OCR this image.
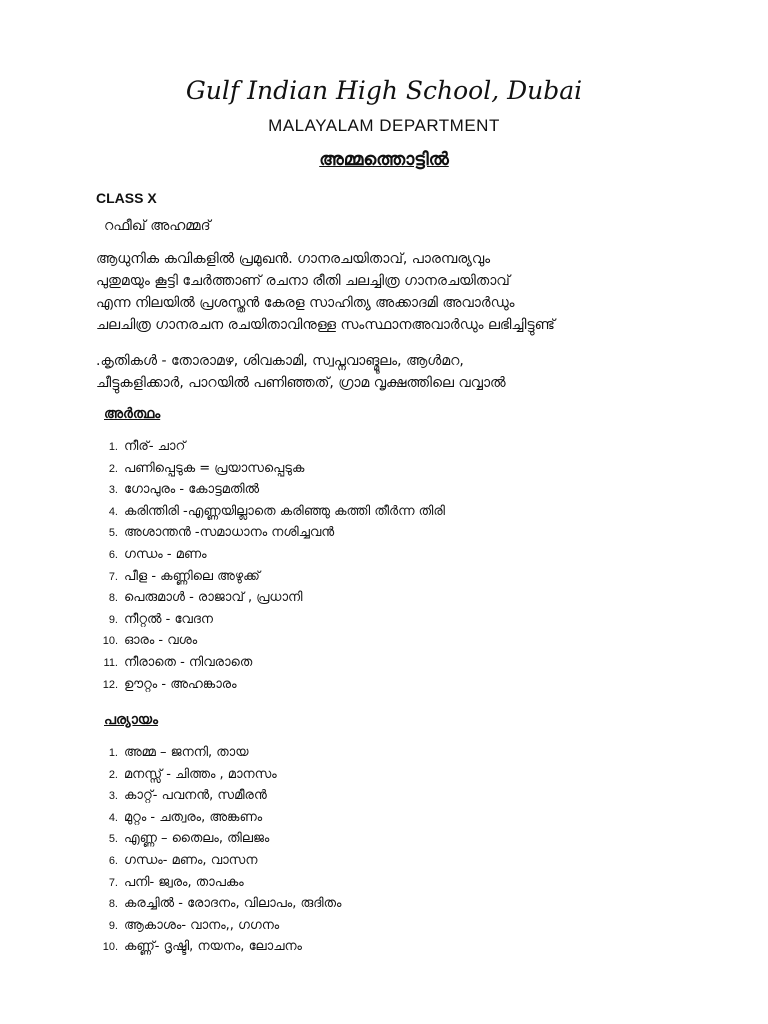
Gulf Indian High School, Dubai
MALAYALAM DEPARTMENT
അമ്മത്തൊട്ടിൽ
CLASS X
റഫീഖ് അഹമ്മദ്
ആധുനിക കവികളിൽ പ്രമുഖൻ. ഗാനരചയിതാവ്, പാരമ്പര്യവും
പുതുമയും കൂട്ടി ചേർത്താണ് രചനാ രീതി ചലച്ചിത്ര ഗാനരചയിതാവ്
എന്ന നിലയിൽ പ്രശസ്തൻ കേരള സാഹിത്യ അക്കാദമി അവാർഡും
ചലചിത്ര ഗാനരചന രചയിതാവിനുള്ള സംസ്ഥാനഅവാർഡും ലഭിച്ചിട്ടുണ്ട്
.കൃതികൾ - തോരാമഴ, ശിവകാമി, സ്വപ്നവാങ്മൂലം, ആൾമറ,
ചീട്ടുകളിക്കാർ, പാറയിൽ പണിഞ്ഞത്, ഗ്രാമ വൃക്ഷത്തിലെ വവ്വാൽ
അർത്ഥം
1. നീര്- ചാറ്
2. പണിപ്പെടുക = പ്രയാസപ്പെടുക
3. ഗോപുരം - കോട്ടമതിൽ
4. കരിന്തിരി -എണ്ണയില്ലാതെ കരിഞ്ഞു കത്തി തീർന്ന തിരി
5. അശാന്തൻ -സമാധാനം നശിച്ചവൻ
6. ഗന്ധം - മണം
7. പീള - കണ്ണിലെ അഴുക്ക്
8. പെരുമാൾ - രാജാവ് , പ്രധാനി
9. നീറ്റൽ - വേദന
10. ഓരം - വശം
11. നീരാതെ - നിവരാതെ
12. ഊറ്റം - അഹങ്കാരം
പര്യായം
1. അമ്മ – ജനനി, തായ
2. മനസ്സ് - ചിത്തം , മാനസം
3. കാറ്റ്- പവനൻ, സമീരൻ
4. മുറ്റം - ചത്വരം, അങ്കണം
5. എണ്ണ – തൈലം, തിലജം
6. ഗന്ധം- മണം, വാസന
7. പനി- ജ്വരം, താപകം
8. കരച്ചിൽ - രോദനം, വിലാപം, രുദിതം
9. ആകാശം- വാനം,, ഗഗനം
10. കണ്ണ്- ദൃഷ്ടി, നയനം, ലോചനം
